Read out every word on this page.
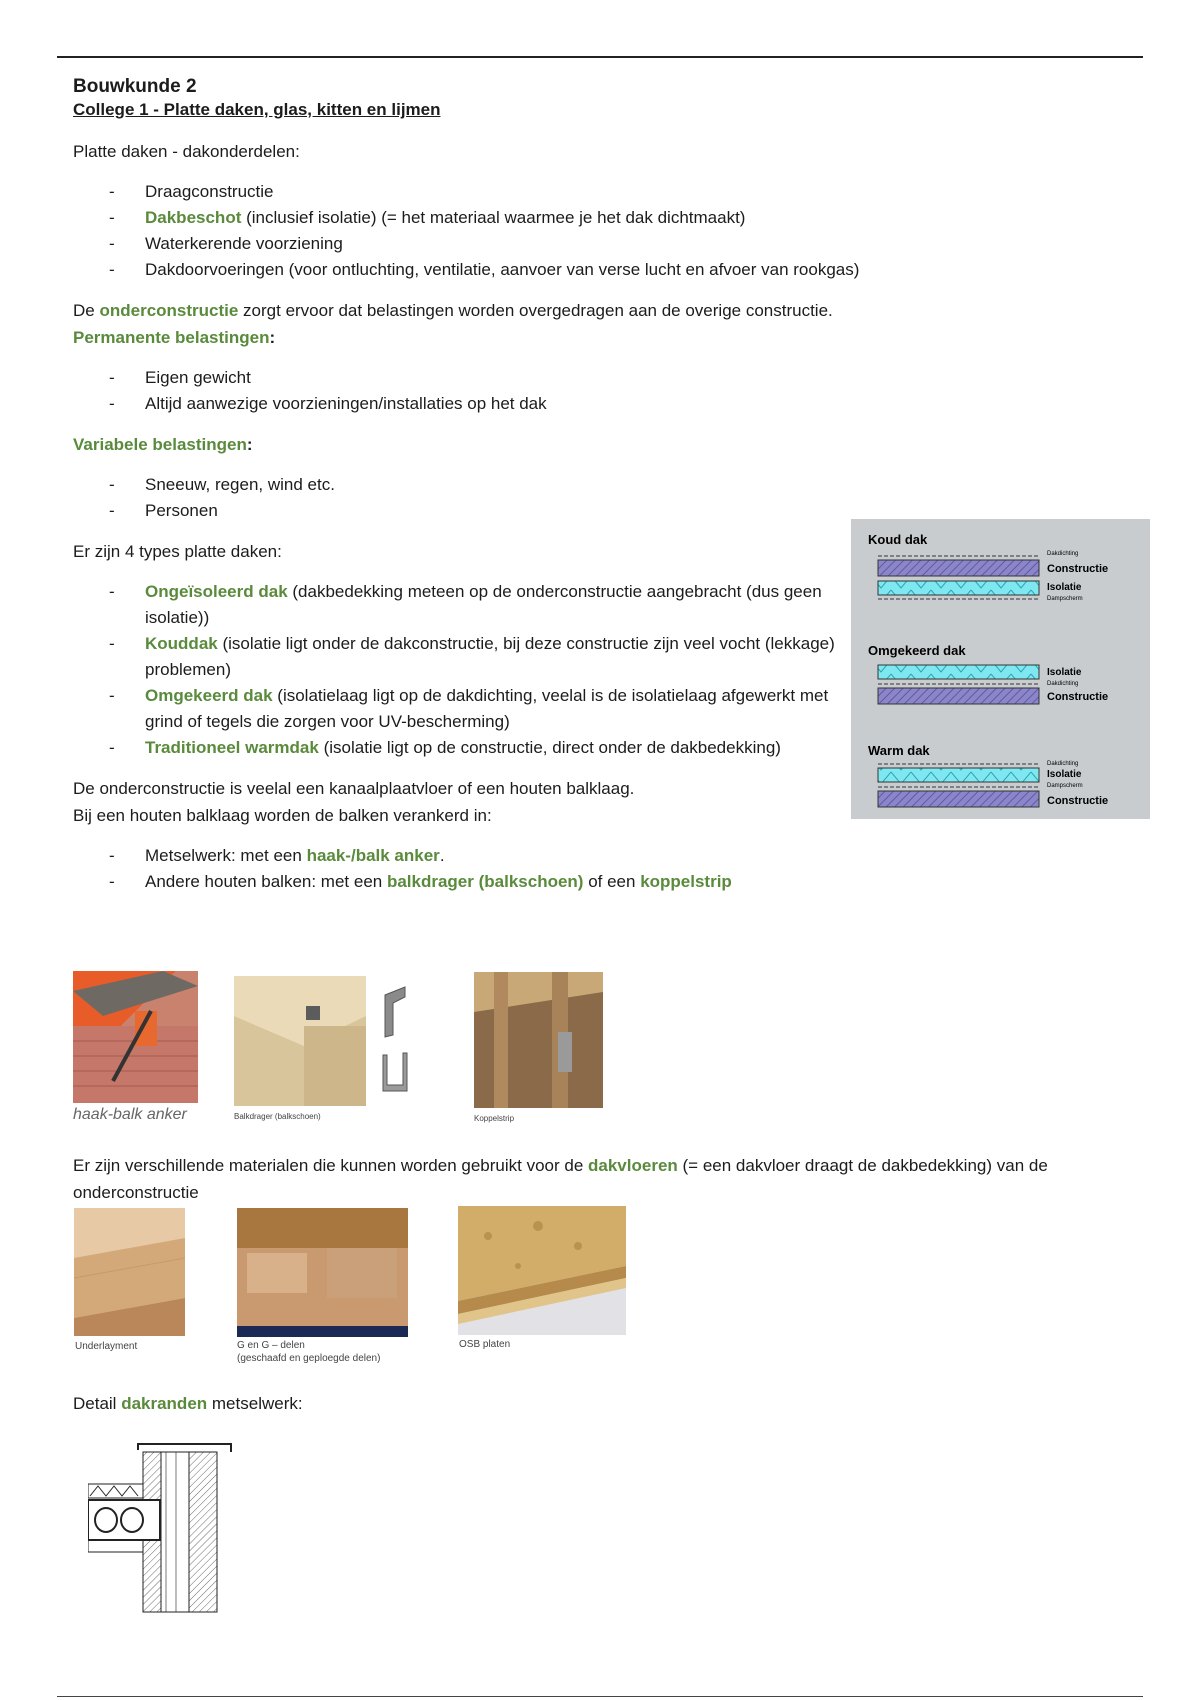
Bouwkunde 2
College 1 - Platte daken, glas, kitten en lijmen

Platte daken - dakonderdelen:

- Draagconstructie
- Dakbeschot (inclusief isolatie) (= het materiaal waarmee je het dak dichtmaakt)
- Waterkerende voorziening
- Dakdoorvoeringen (voor ontluchting, ventilatie, aanvoer van verse lucht en afvoer van rookgas)

De onderconstructie zorgt ervoor dat belastingen worden overgedragen aan de overige constructie.

Permanente belastingen:

- Eigen gewicht
- Altijd aanwezige voorzieningen/installaties op het dak

Variabele belastingen:

- Sneeuw, regen, wind etc.
- Personen

Er zijn 4 types platte daken:

- Ongeïsoleerd dak (dakbedekking meteen op de onderconstructie aangebracht (dus geen isolatie))
- Kouddak (isolatie ligt onder de dakconstructie, bij deze constructie zijn veel vocht (lekkage) problemen)
- Omgekeerd dak (isolatielaag ligt op de dakdichting, veelal is de isolatielaag afgewerkt met grind of tegels die zorgen voor UV-bescherming)
- Traditioneel warmdak (isolatie ligt op de constructie, direct onder de dakbedekking)

De onderconstructie is veelal een kanaalplaatvloer of een houten balklaag.

Bij een houten balklaag worden de balken verankerd in:

- Metselwerk: met een haak-/balk anker.
- Andere houten balken: met een balkdrager (balkschoen) of een koppelstrip
Koud dak
Dakdichting
Constructie
Isolatie
Dampscherm
Omgekeerd dak
Isolatie
Dakdichting
Constructie
Warm dak
Dakdichting
Isolatie
Dampscherm
Constructie
haak-balk anker	Balkdrager (balkschoen)	Koppelstrip

Er zijn verschillende materialen die kunnen worden gebruikt voor de dakvloeren (= een dakvloer draagt de dakbedekking) van de onderconstructie

Underlayment	G en G – delen
(geschaafd en geploegde delen)
OSB platen

Detail dakranden metselwerk:
